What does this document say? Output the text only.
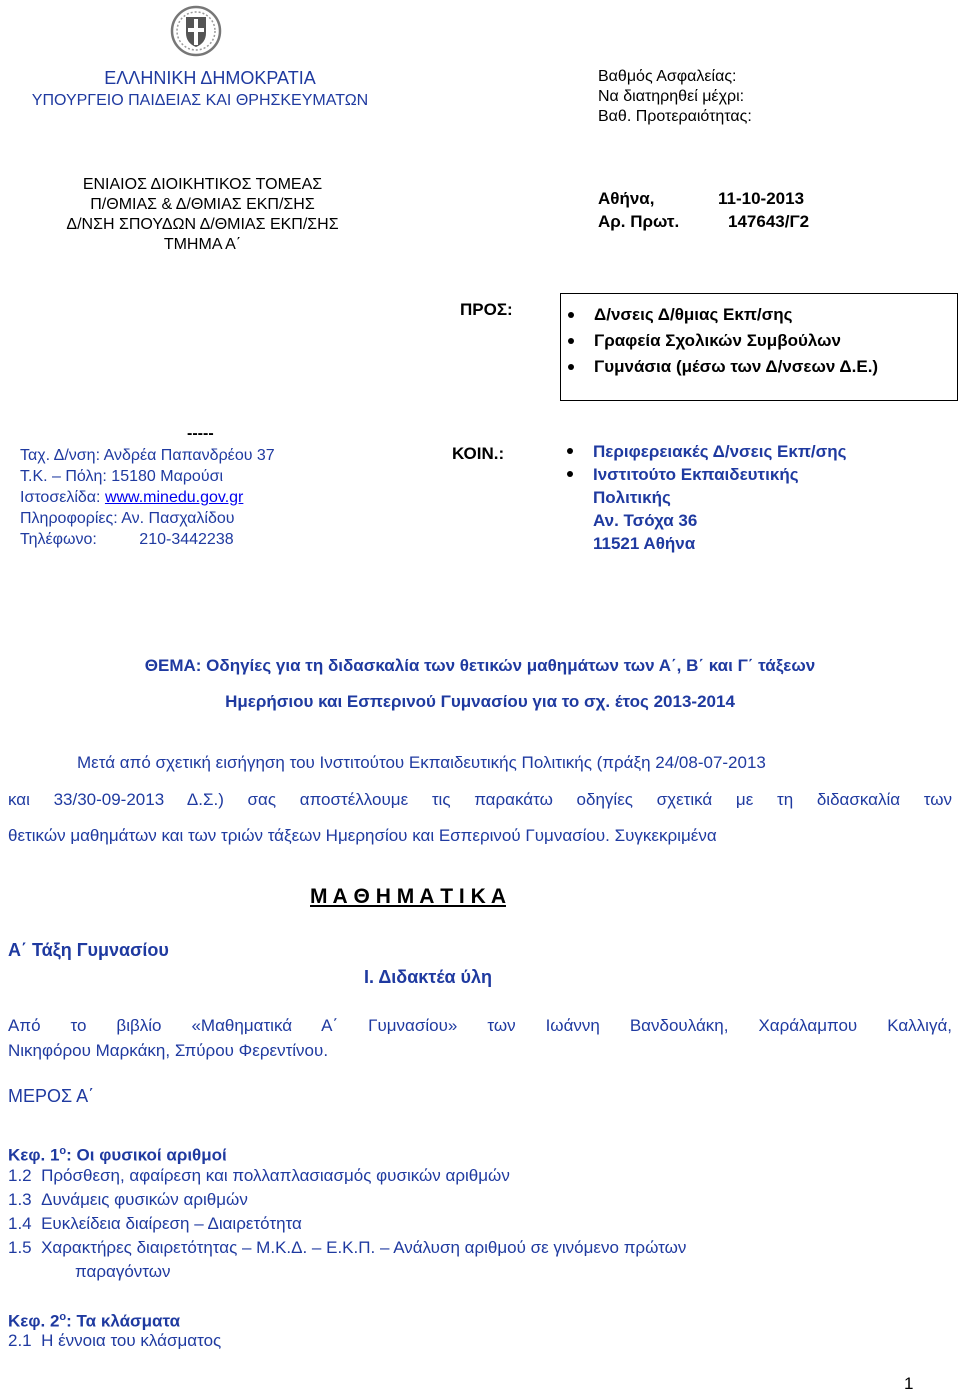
ΕΛΛΗΝΙΚΗ ΔΗΜΟΚΡΑΤΙΑ
ΥΠΟΥΡΓΕΙΟ ΠΑΙΔΕΙΑΣ ΚΑΙ ΘΡΗΣΚΕΥΜΑΤΩΝ
ΕΝΙΑΙΟΣ ΔΙΟΙΚΗΤΙΚΟΣ ΤΟΜΕΑΣ
Π/ΘΜΙΑΣ & Δ/ΘΜΙΑΣ ΕΚΠ/ΣΗΣ
Δ/ΝΣΗ ΣΠΟΥΔΩΝ Δ/ΘΜΙΑΣ ΕΚΠ/ΣΗΣ
ΤΜΗΜΑ Α΄
Βαθμός Ασφαλείας:
Να διατηρηθεί μέχρι:
Βαθ. Προτεραιότητας:
Αθήνα,	11-10-2013
Αρ. Πρωτ.	147643/Γ2
ΠΡΟΣ:	Δ/νσεις Δ/θμιας Εκπ/σης
Γραφεία Σχολικών Συμβούλων
Γυμνάσια (μέσω των Δ/νσεων Δ.Ε.)
-----
Ταχ. Δ/νση: Ανδρέα Παπανδρέου 37
Τ.Κ. – Πόλη: 15180 Μαρούσι
Ιστοσελίδα: www.minedu.gov.gr
Πληροφορίες: Αν. Πασχαλίδου
Τηλέφωνο:	210-3442238
ΚΟΙΝ.:	Περιφερειακές Δ/νσεις Εκπ/σης
Ινστιτούτο Εκπαιδευτικής
Πολιτικής
Αν. Τσόχα 36
11521 Αθήνα
ΘΕΜΑ: Οδηγίες για τη διδασκαλία των θετικών μαθημάτων των Α΄, Β΄ και Γ΄ τάξεων
Ημερήσιου και Εσπερινού Γυμνασίου για το σχ. έτος 2013-2014
Μετά από σχετική εισήγηση του Ινστιτούτου Εκπαιδευτικής Πολιτικής (πράξη 24/08-07-2013
και 33/30-09-2013 Δ.Σ.) σας αποστέλλουμε τις παρακάτω οδηγίες σχετικά με τη διδασκαλία των
θετικών μαθημάτων και των τριών τάξεων Ημερησίου και Εσπερινού Γυμνασίου. Συγκεκριμένα
Μ Α Θ Η Μ Α Τ Ι Κ Α
Α΄ Τάξη Γυμνασίου
Ι. Διδακτέα ύλη
Από το βιβλίο «Μαθηματικά Α΄ Γυμνασίου» των Ιωάννη Βανδουλάκη, Χαράλαμπου Καλλιγά,
Νικηφόρου Μαρκάκη, Σπύρου Φερεντίνου.
ΜΕΡΟΣ Α΄
Κεφ. $1^o$: Οι φυσικοί αριθμοί
1.2 Πρόσθεση, αφαίρεση και πολλαπλασιασμός φυσικών αριθμών
1.3 Δυνάμεις φυσικών αριθμών
1.4 Ευκλείδεια διαίρεση – Διαιρετότητα
1.5 Χαρακτήρες διαιρετότητας – Μ.Κ.Δ. – Ε.Κ.Π. – Ανάλυση αριθμού σε γινόμενο πρώτων
παραγόντων
Κεφ. $2^o$: Τα κλάσματα
2.1 Η έννοια του κλάσματος
1
